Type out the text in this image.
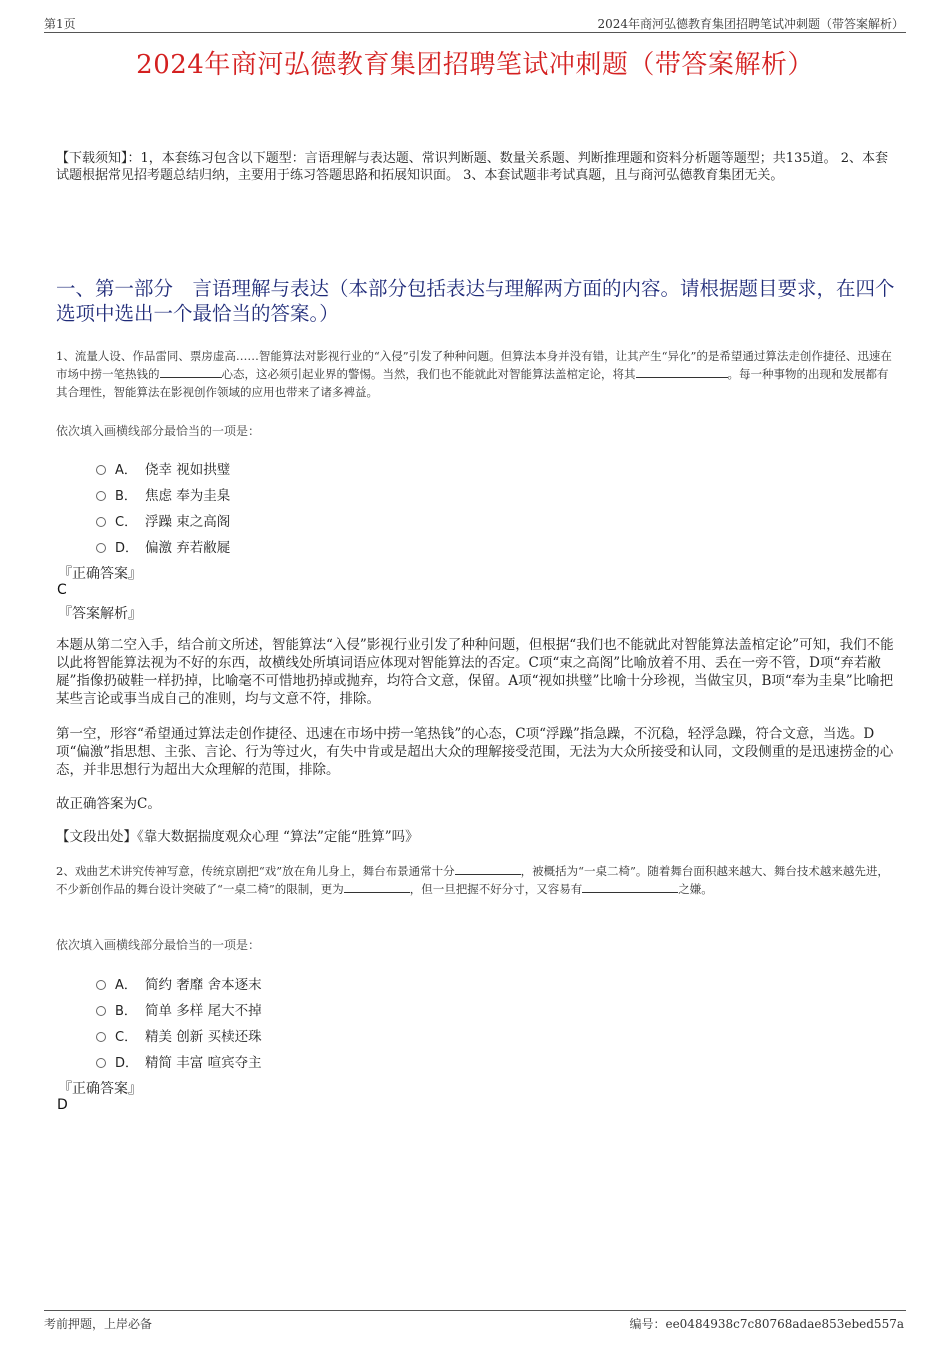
第1页	2024年商河弘德教育集团招聘笔试冲刺题（带答案解析）
2024年商河弘德教育集团招聘笔试冲刺题（带答案解析）
【下载须知】：1，本套练习包含以下题型：言语理解与表达题、常识判断题、数量关系题、判断推理题和资料分析题等题型；共135道。 2、本套试题根据常见招考题总结归纳，主要用于练习答题思路和拓展知识面。 3、本套试题非考试真题，且与商河弘德教育集团无关。
一、第一部分　言语理解与表达（本部分包括表达与理解两方面的内容。请根据题目要求，在四个选项中选出一个最恰当的答案。）
1、流量人设、作品雷同、票房虚高……智能算法对影视行业的“入侵”引发了种种问题。但算法本身并没有错，让其产生“异化”的是希望通过算法走创作捷径、迅速在市场中捞一笔热钱的	心态，这必须引起业界的警惕。当然，我们也不能就此对智能算法盖棺定论，将其	。每一种事物的出现和发展都有其合理性，智能算法在影视创作领域的应用也带来了诸多裨益。
依次填入画横线部分最恰当的一项是：
A． 侥幸 视如拱璧
B． 焦虑 奉为圭臬
C． 浮躁 束之高阁
D． 偏激 弃若敝屣
『正确答案』
C
『答案解析』
本题从第二空入手，结合前文所述，智能算法“入侵”影视行业引发了种种问题，但根据“我们也不能就此对智能算法盖棺定论”可知，我们不能以此将智能算法视为不好的东西，故横线处所填词语应体现对智能算法的否定。C项“束之高阁”比喻放着不用、丢在一旁不管，D项“弃若敝屣”指像扔破鞋一样扔掉，比喻毫不可惜地扔掉或抛弃，均符合文意，保留。A项“视如拱璧”比喻十分珍视，当做宝贝，B项“奉为圭臬”比喻把某些言论或事当成自己的准则，均与文意不符，排除。
第一空，形容“希望通过算法走创作捷径、迅速在市场中捞一笔热钱”的心态，C项“浮躁”指急躁，不沉稳，轻浮急躁，符合文意，当选。D项“偏激”指思想、主张、言论、行为等过火，有失中肯或是超出大众的理解接受范围，无法为大众所接受和认同，文段侧重的是迅速捞金的心态，并非思想行为超出大众理解的范围，排除。
故正确答案为C。
【文段出处】《靠大数据揣度观众心理 “算法”定能“胜算”吗》
2、戏曲艺术讲究传神写意，传统京剧把“戏”放在角儿身上，舞台布景通常十分	，被概括为“一桌二椅”。随着舞台面积越来越大、舞台技术越来越先进，不少新创作品的舞台设计突破了“一桌二椅”的限制，更为	，但一旦把握不好分寸，又容易有	之嫌。
依次填入画横线部分最恰当的一项是：
A． 简约 奢靡 舍本逐末
B． 简单 多样 尾大不掉
C． 精美 创新 买椟还珠
D． 精简 丰富 喧宾夺主
『正确答案』
D
考前押题，上岸必备	编号：ee0484938c7c80768adae853ebed557a
